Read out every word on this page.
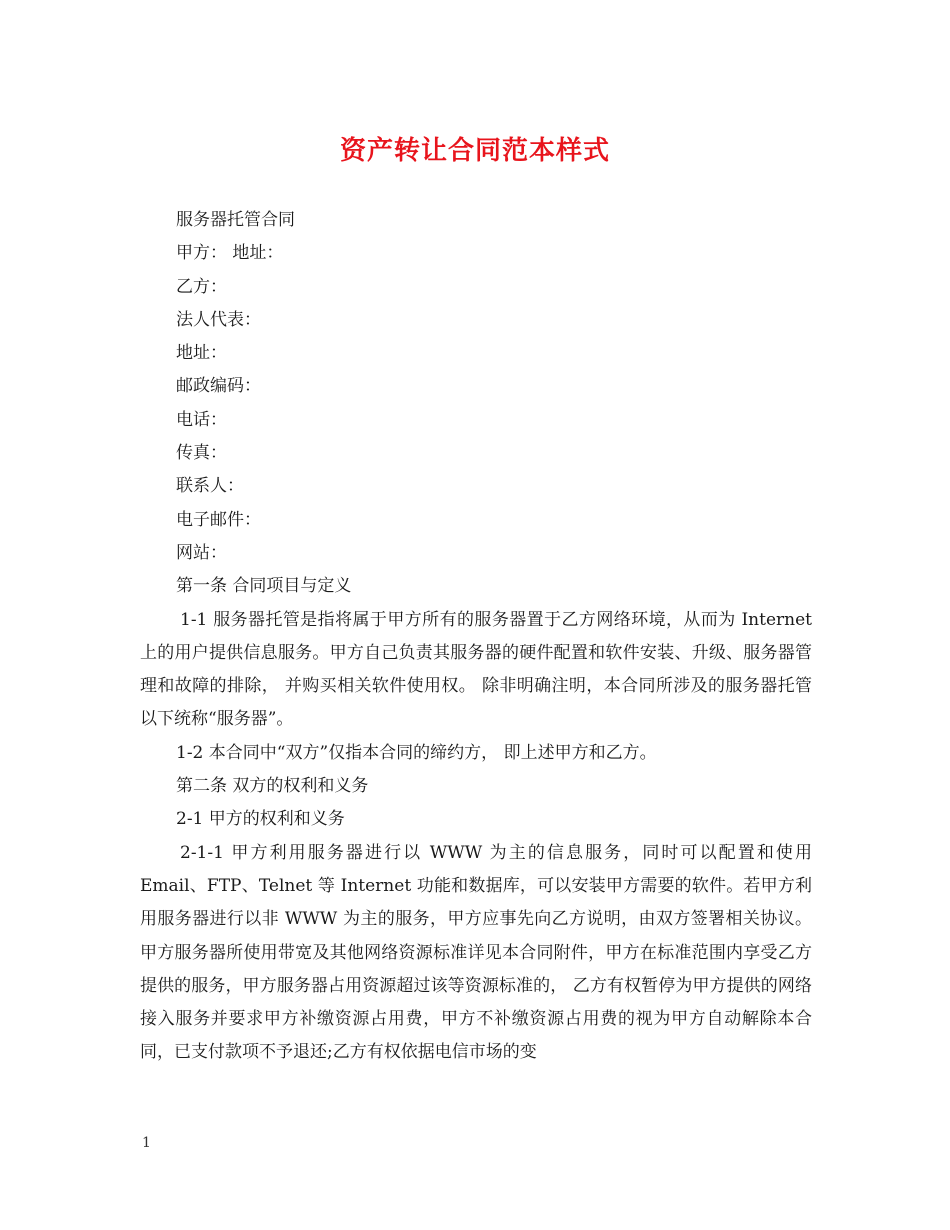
资产转让合同范本样式
服务器托管合同
甲方： 地址：
乙方：
法人代表：
地址：
邮政编码：
电话：
传真：
联系人：
电子邮件：
网站：
第一条 合同项目与定义
1-1 服务器托管是指将属于甲方所有的服务器置于乙方网络环境，从而为 Internet 上的用户提供信息服务。甲方自己负责其服务器的硬件配置和软件安装、升级、服务器管理和故障的排除， 并购买相关软件使用权。 除非明确注明，本合同所涉及的服务器托管以下统称“服务器”。
1-2 本合同中“双方”仅指本合同的缔约方， 即上述甲方和乙方。
第二条 双方的权利和义务
2-1 甲方的权利和义务
2-1-1 甲方利用服务器进行以 WWW 为主的信息服务，同时可以配置和使用 Email、FTP、Telnet 等 Internet 功能和数据库，可以安装甲方需要的软件。若甲方利用服务器进行以非 WWW 为主的服务，甲方应事先向乙方说明，由双方签署相关协议。甲方服务器所使用带宽及其他网络资源标准详见本合同附件，甲方在标准范围内享受乙方提供的服务，甲方服务器占用资源超过该等资源标准的， 乙方有权暂停为甲方提供的网络接入服务并要求甲方补缴资源占用费，甲方不补缴资源占用费的视为甲方自动解除本合同，已支付款项不予退还;乙方有权依据电信市场的变
1
